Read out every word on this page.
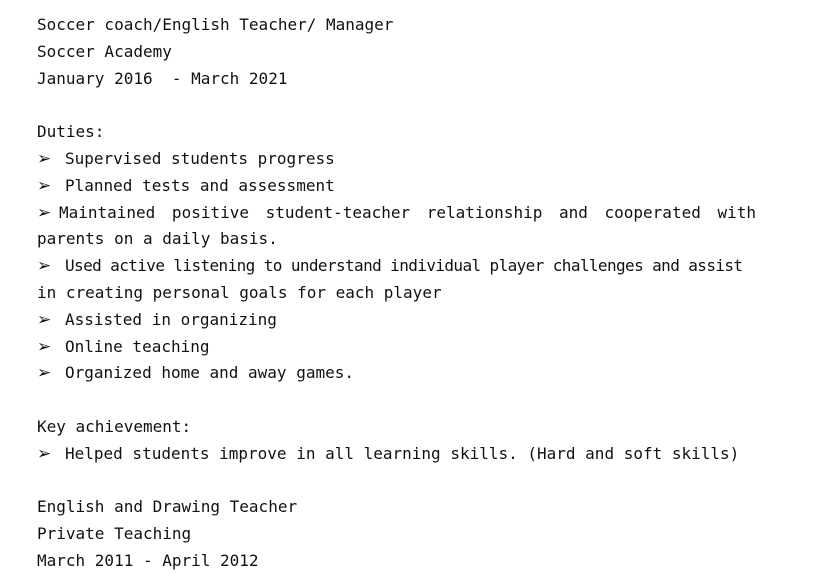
Soccer coach/English Teacher/ Manager
Soccer Academy
January 2016  - March 2021
Duties:
➢ Supervised students progress
➢ Planned tests and assessment
➢ Maintained positive student-teacher relationship and cooperated with
parents on a daily basis.
➢ Used active listening to understand individual player challenges and assist
in creating personal goals for each player
➢ Assisted in organizing
➢ Online teaching
➢ Organized home and away games.
Key achievement:
➢ Helped students improve in all learning skills. (Hard and soft skills)
English and Drawing Teacher
Private Teaching
March 2011 - April 2012
